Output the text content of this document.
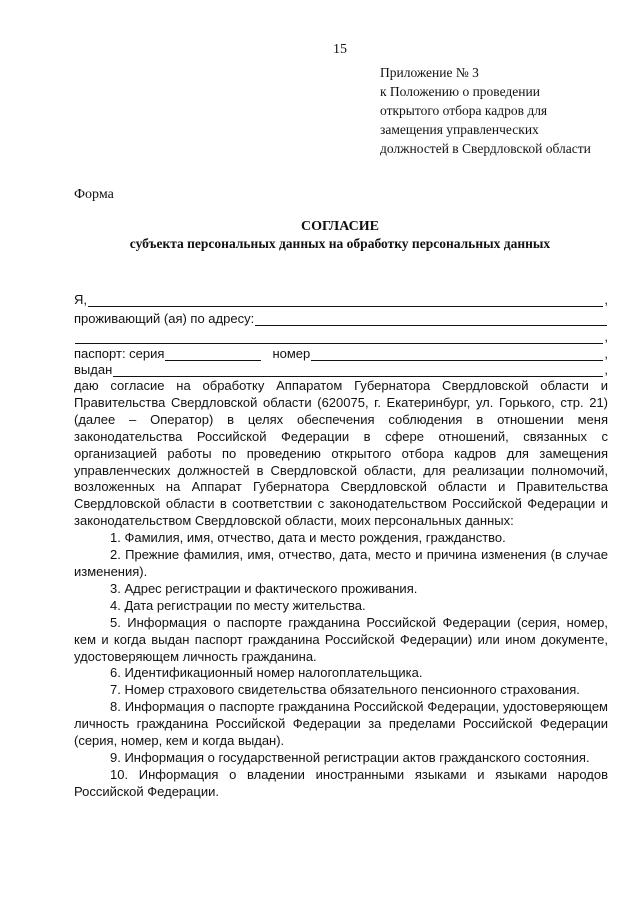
15
Приложение № 3
к Положению о проведении
открытого отбора кадров для
замещения управленческих
должностей в Свердловской области
Форма
СОГЛАСИЕ
субъекта персональных данных на обработку персональных данных
Я,	,
проживающий (ая) по адресу:
,
паспорт: серия	номер	,
выдан	,

даю согласие на обработку Аппаратом Губернатора Свердловской области и Правительства Свердловской области (620075, г. Екатеринбург, ул. Горького, стр. 21) (далее – Оператор) в целях обеспечения соблюдения в отношении меня законодательства Российской Федерации в сфере отношений, связанных с организацией работы по проведению открытого отбора кадров для замещения управленческих должностей в Свердловской области, для реализации полномочий, возложенных на Аппарат Губернатора Свердловской области и Правительства Свердловской области в соответствии с законодательством Российской Федерации и законодательством Свердловской области, моих персональных данных:

1. Фамилия, имя, отчество, дата и место рождения, гражданство.

2. Прежние фамилия, имя, отчество, дата, место и причина изменения (в случае изменения).

3. Адрес регистрации и фактического проживания.

4. Дата регистрации по месту жительства.

5. Информация о паспорте гражданина Российской Федерации (серия, номер, кем и когда выдан паспорт гражданина Российской Федерации) или ином документе, удостоверяющем личность гражданина.

6. Идентификационный номер налогоплательщика.

7. Номер страхового свидетельства обязательного пенсионного страхования.

8. Информация о паспорте гражданина Российской Федерации, удостоверяющем личность гражданина Российской Федерации за пределами Российской Федерации (серия, номер, кем и когда выдан).

9. Информация о государственной регистрации актов гражданского состояния.

10. Информация о владении иностранными языками и языками народов Российской Федерации.
